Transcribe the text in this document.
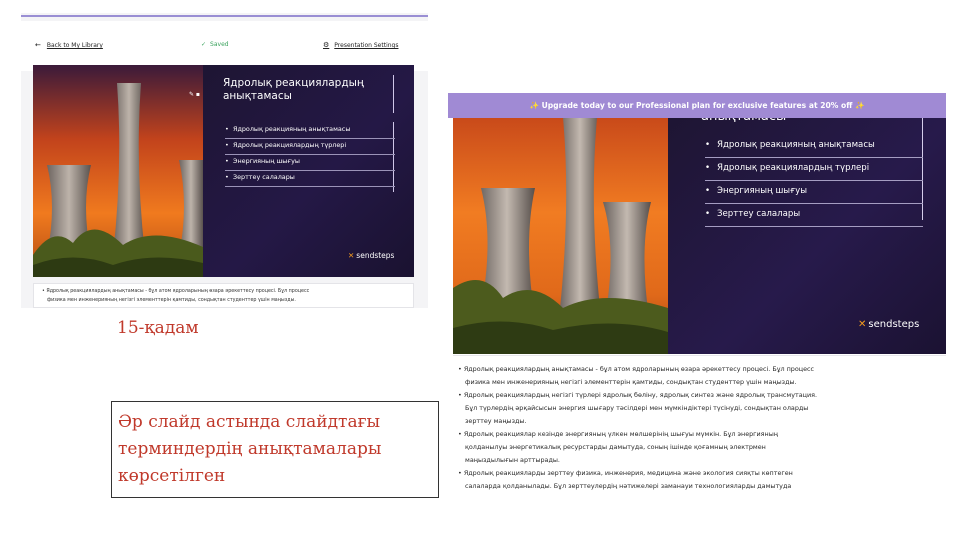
← Back to My Library	✓ Saved	⚙ Presentation Settings
✎ ▪
Ядролық реакциялардың
анықтамасы
• Ядролық реакцияның анықтамасы
• Ядролық реакциялардың түрлері
• Энергияның шығуы
• Зерттеу салалары
✕ sendsteps
• Ядролық реакциялардың анықтамасы - бұл атом ядроларының өзара әрекеттесу процесі. Бұл процесс
физика мен инженерияның негізгі элементтерін қамтиды, сондықтан студенттер үшін маңызды.
15-қадам

Әр слайд астында слайдтағы

терминдердің анықтамалары

көрсетілген

✨ Upgrade today to our Professional plan for exclusive features at 20% off ✨
• Ядролық реакцияның анықтамасы
• Ядролық реакциялардың түрлері
• Энергияның шығуы
• Зерттеу салалары
✕ sendsteps
• Ядролық реакциялардың анықтамасы - бұл атом ядроларының өзара әрекеттесу процесі. Бұл процесс
физика мен инженерияның негізгі элементтерін қамтиды, сондықтан студенттер үшін маңызды.
• Ядролық реакциялардың негізгі түрлері ядролық бөліну, ядролық синтез және ядролық трансмутация.
Бұл түрлердің әрқайсысын энергия шығару тәсілдері мен мүмкіндіктері түсінуді, сондықтан оларды
зерттеу маңызды.
• Ядролық реакциялар кезінде энергияның үлкен мөлшерінің шығуы мүмкін. Бұл энергияның
қолданылуы энергетикалық ресурстарды дамытуда, соның ішінде қоғамның электрмен
маңыздылығын арттырады.
• Ядролық реакцияларды зерттеу физика, инженерия, медицина және экология сияқты көптеген
салаларда қолданылады. Бұл зерттеулердің нәтижелері заманауи технологияларды дамытуда
